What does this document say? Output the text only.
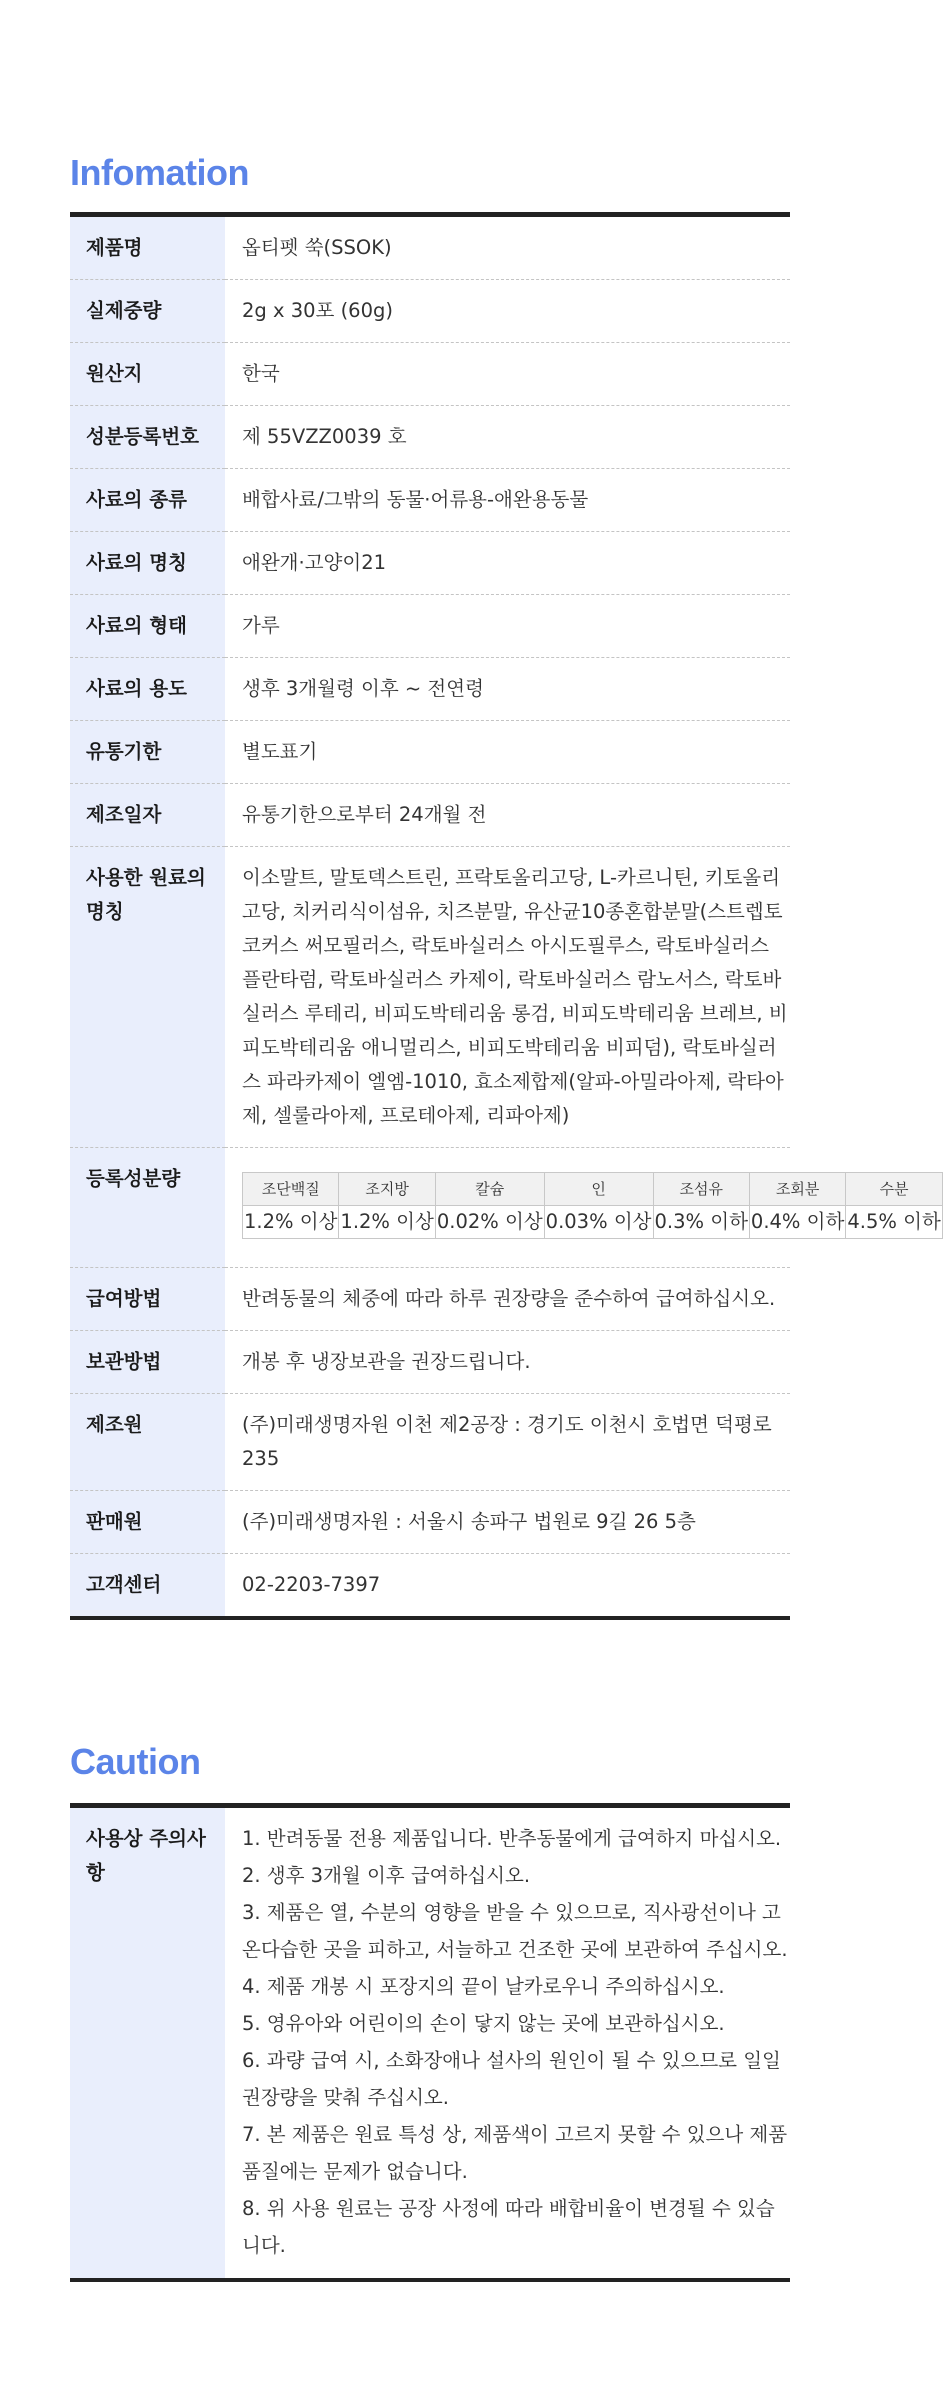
Infomation
제품명	옵티펫 쑥(SSOK)
실제중량	2g x 30포 (60g)
원산지	한국
성분등록번호	제 55VZZ0039 호
사료의 종류	배합사료/그밖의 동물·어류용-애완용동물
사료의 명칭	애완개·고양이21
사료의 형태	가루
사료의 용도	생후 3개월령 이후 ~ 전연령
유통기한	별도표기
제조일자	유통기한으로부터 24개월 전
사용한 원료의 명칭	이소말트, 말토덱스트린, 프락토올리고당, L-카르니틴, 키토올리고당, 치커리식이섬유, 치즈분말, 유산균10종혼합분말(스트렙토코커스 써모필러스, 락토바실러스 아시도필루스, 락토바실러스 플란타럼, 락토바실러스 카제이, 락토바실러스 람노서스, 락토바실러스 루테리, 비피도박테리움 롱검, 비피도박테리움 브레브, 비피도박테리움 애니멀리스, 비피도박테리움 비피덤), 락토바실러스 파라카제이 엘엠-1010, 효소제합제(알파-아밀라아제, 락타아제, 셀룰라아제, 프로테아제, 리파아제)
등록성분량		조단백질	조지방	칼슘	인	조섬유	조회분	수분
1.2% 이상	1.2% 이상	0.02% 이상	0.03% 이상	0.3% 이하	0.4% 이하	4.5% 이하

급여방법	반려동물의 체중에 따라 하루 권장량을 준수하여 급여하십시오.
보관방법	개봉 후 냉장보관을 권장드립니다.
제조원	(주)미래생명자원 이천 제2공장 : 경기도 이천시 호법면 덕평로 235
판매원	(주)미래생명자원 : 서울시 송파구 법원로 9길 26 5층
고객센터	02-2203-7397
Caution
사용상 주의사항	
1. 반려동물 전용 제품입니다. 반추동물에게 급여하지 마십시오.
2. 생후 3개월 이후 급여하십시오.
3. 제품은 열, 수분의 영향을 받을 수 있으므로, 직사광선이나 고온다습한 곳을 피하고, 서늘하고 건조한 곳에 보관하여 주십시오.
4. 제품 개봉 시 포장지의 끝이 날카로우니 주의하십시오.
5. 영유아와 어린이의 손이 닿지 않는 곳에 보관하십시오.
6. 과량 급여 시, 소화장애나 설사의 원인이 될 수 있으므로 일일 권장량을 맞춰 주십시오.
7. 본 제품은 원료 특성 상, 제품색이 고르지 못할 수 있으나 제품 품질에는 문제가 없습니다.
8. 위 사용 원료는 공장 사정에 따라 배합비율이 변경될 수 있습니다.
